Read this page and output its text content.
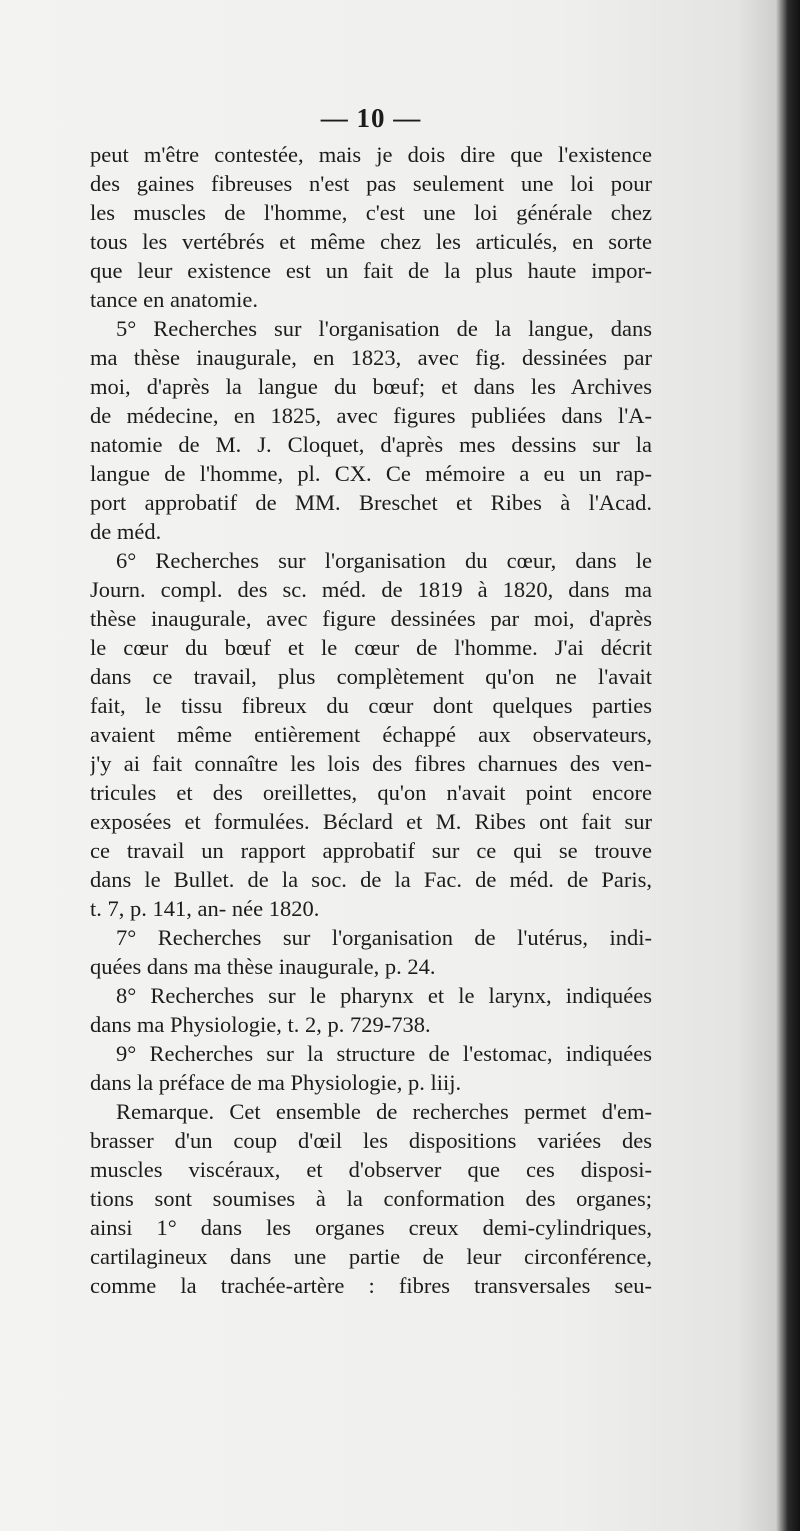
— 10 —
peut m'être contestée, mais je dois dire que l'existence
des gaines fibreuses n'est pas seulement une loi pour
les muscles de l'homme, c'est une loi générale chez
tous les vertébrés et même chez les articulés, en sorte
que leur existence est un fait de la plus haute impor-
tance en anatomie.
5° Recherches sur l'organisation de la langue, dans
ma thèse inaugurale, en 1823, avec fig. dessinées par
moi, d'après la langue du bœuf; et dans les Archives
de médecine, en 1825, avec figures publiées dans l'A-
natomie de M. J. Cloquet, d'après mes dessins sur la
langue de l'homme, pl. CX. Ce mémoire a eu un rap-
port approbatif de MM. Breschet et Ribes à l'Acad.
de méd.
6° Recherches sur l'organisation du cœur, dans le
Journ. compl. des sc. méd. de 1819 à 1820, dans ma
thèse inaugurale, avec figure dessinées par moi, d'après
le cœur du bœuf et le cœur de l'homme. J'ai décrit
dans ce travail, plus complètement qu'on ne l'avait
fait, le tissu fibreux du cœur dont quelques parties
avaient même entièrement échappé aux observateurs,
j'y ai fait connaître les lois des fibres charnues des ven-
tricules et des oreillettes, qu'on n'avait point encore
exposées et formulées. Béclard et M. Ribes ont fait sur
ce travail un rapport approbatif sur ce qui se trouve
dans le Bullet. de la soc. de la Fac. de méd. de Paris,
t. 7, p. 141, an- née 1820.
7° Recherches sur l'organisation de l'utérus, indi-
quées dans ma thèse inaugurale, p. 24.
8° Recherches sur le pharynx et le larynx, indiquées
dans ma Physiologie, t. 2, p. 729-738.
9° Recherches sur la structure de l'estomac, indiquées
dans la préface de ma Physiologie, p. liij.
Remarque. Cet ensemble de recherches permet d'em-
brasser d'un coup d'œil les dispositions variées des
muscles viscéraux, et d'observer que ces disposi-
tions sont soumises à la conformation des organes;
ainsi 1° dans les organes creux demi-cylindriques,
cartilagineux dans une partie de leur circonférence,
comme la trachée-artère : fibres transversales seu-
